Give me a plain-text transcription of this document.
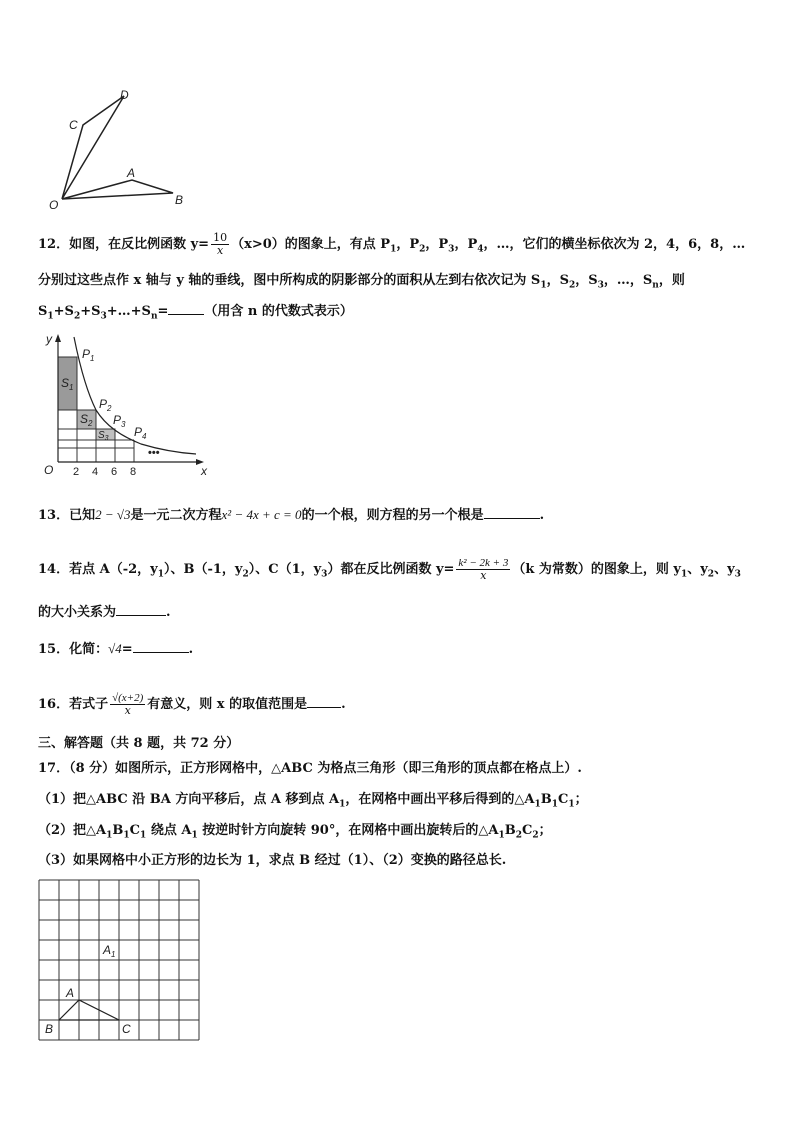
D
C
A
O	B
12．如图，在反比例函数 $y= \frac{10}{x} (x>0)$的图象上，有点 $P_1$，$P_2$，$P_3$，$P_4$，…，它们的横坐标依次为 2，4，6，8，…
分别过这些点作 x 轴与 y 轴的垂线，图中所构成的阴影部分的面积从左到右依次记为 $S_1$，$S_2$，$S_3$，…，$S_n$，则
$S_1+S_2+S_3+\dots+S_n=$	（用含 n 的代数式表示）
y
x
O 2 4 6 8
$P_1$
$P_2$
$P_3$
$P_4$
$S_1$
$S_2$
$S_3$
•••
13．已知2 − √3是一元二次方程x² − 4x + c = 0的一个根，则方程的另一个根是	.
14．若点 A（-2，$y_1$）、B（-1，$y_2$）、C（1，$y_3$）都在反比例函数 $y= \frac{\text{k² − 2k + 3}}{x} (k$ 为常数）的图象上，则 $y_1$、$y_2$、$y_3$
的大小关系为	.
15．化简：√4=	.
16．若式子 $\frac{√(x+2)}{x}$ 有意义，则 x 的取值范围是	.
三、解答题（共 8 题，共 72 分）
17．（8 分）如图所示，正方形网格中，△ABC 为格点三角形（即三角形的顶点都在格点上）.
（1）把△ABC 沿 BA 方向平移后，点 A 移到点 $A_1$，在网格中画出平移后得到的$\triangle A_1B_1C_1$；
（2）把$\triangle A_1B_1C_1$ 绕点 $A_1$ 按逆时针方向旋转 90°，在网格中画出旋转后的$\triangle A_1B_2C_2$；
（3）如果网格中小正方形的边长为 1，求点 B 经过（1）、（2）变换的路径总长.
A
B	C
$A_1$
